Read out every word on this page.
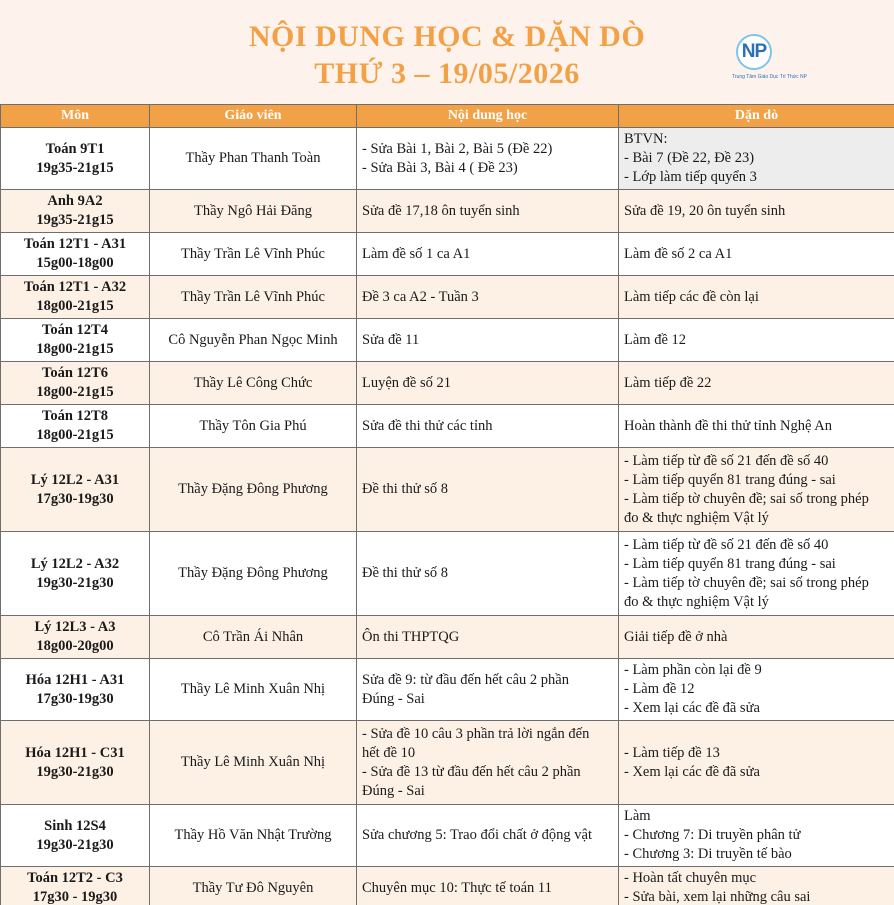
NỘI DUNG HỌC & DẶN DÒ
THỨ 3 – 19/05/2026
NP
Trung Tâm Giáo Dục Trí Thức NP
Môn	Giáo viên	Nội dung học	Dặn dò

Toán 9T1
19g35-21g15	Thầy Phan Thanh Toàn	- Sửa Bài 1, Bài 2, Bài 5 (Đề 22)
- Sửa Bài 3, Bài 4 ( Đề 23)	BTVN:
- Bài 7 (Đề 22, Đề 23)
- Lớp làm tiếp quyển 3

Anh 9A2
19g35-21g15	Thầy Ngô Hải Đăng	Sửa đề 17,18 ôn tuyển sinh	Sửa đề 19, 20 ôn tuyển sinh

Toán 12T1 - A31
15g00-18g00	Thầy Trần Lê Vĩnh Phúc	Làm đề số 1 ca A1	Làm đề số 2 ca A1

Toán 12T1 - A32
18g00-21g15	Thầy Trần Lê Vĩnh Phúc	Đề 3 ca A2 - Tuần 3	Làm tiếp các đề còn lại

Toán 12T4
18g00-21g15	Cô Nguyễn Phan Ngọc Minh	Sửa đề 11	Làm đề 12

Toán 12T6
18g00-21g15	Thầy Lê Công Chức	Luyện đề số 21	Làm tiếp đề 22

Toán 12T8
18g00-21g15	Thầy Tôn Gia Phú	Sửa đề thi thử các tỉnh	Hoàn thành đề thi thử tỉnh Nghệ An

Lý 12L2 - A31
17g30-19g30	Thầy Đặng Đông Phương	Đề thi thử số 8	- Làm tiếp từ đề số 21 đến đề số 40
- Làm tiếp quyển 81 trang đúng - sai
- Làm tiếp tờ chuyên đề; sai số trong phép
đo & thực nghiệm Vật lý

Lý 12L2 - A32
19g30-21g30	Thầy Đặng Đông Phương	Đề thi thử số 8	- Làm tiếp từ đề số 21 đến đề số 40
- Làm tiếp quyển 81 trang đúng - sai
- Làm tiếp tờ chuyên đề; sai số trong phép
đo & thực nghiệm Vật lý

Lý 12L3 - A3
18g00-20g00	Cô Trần Ái Nhân	Ôn thi THPTQG	Giải tiếp đề ở nhà

Hóa 12H1 - A31
17g30-19g30	Thầy Lê Minh Xuân Nhị	Sửa đề 9: từ đầu đến hết câu 2 phần
Đúng - Sai	- Làm phần còn lại đề 9
- Làm đề 12
- Xem lại các đề đã sửa

Hóa 12H1 - C31
19g30-21g30	Thầy Lê Minh Xuân Nhị	- Sửa đề 10 câu 3 phần trả lời ngắn đến
hết đề 10
- Sửa đề 13 từ đầu đến hết câu 2 phần
Đúng - Sai	- Làm tiếp đề 13
- Xem lại các đề đã sửa

Sinh 12S4
19g30-21g30	Thầy Hồ Văn Nhật Trường	Sửa chương 5: Trao đổi chất ở động vật	Làm
- Chương 7: Di truyền phân tử
- Chương 3: Di truyền tế bào

Toán 12T2 - C3
17g30 - 19g30	Thầy Tư Đô Nguyên	Chuyên mục 10: Thực tế toán 11	- Hoàn tất chuyên mục
- Sửa bài, xem lại những câu sai
